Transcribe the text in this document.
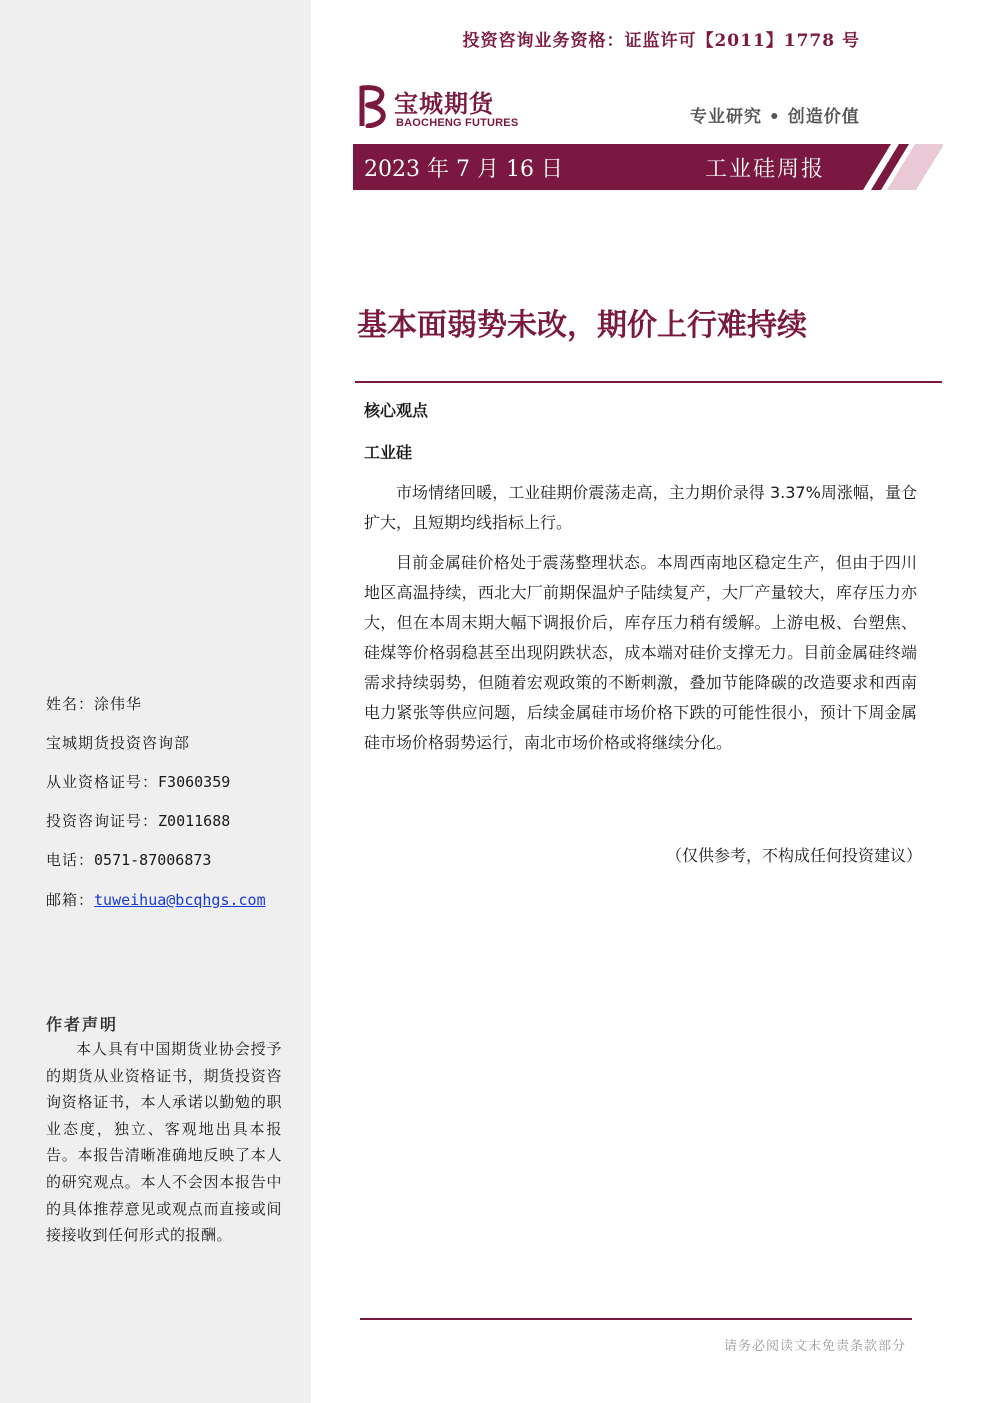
投资咨询业务资格：证监许可【2011】1778 号
宝城期货
BAOCHENG FUTURES	专业研究 • 创造价值
2023 年 7 月 16 日	工业硅周报
基本面弱势未改，期价上行难持续
核心观点
工业硅
市场情绪回暖，工业硅期价震荡走高，主力期价录得 3.37%周涨幅，量仓扩大，且短期均线指标上行。
目前金属硅价格处于震荡整理状态。本周西南地区稳定生产，但由于四川地区高温持续，西北大厂前期保温炉子陆续复产，大厂产量较大，库存压力亦大，但在本周末期大幅下调报价后，库存压力稍有缓解。上游电极、台塑焦、硅煤等价格弱稳甚至出现阴跌状态，成本端对硅价支撑无力。目前金属硅终端需求持续弱势，但随着宏观政策的不断刺激，叠加节能降碳的改造要求和西南电力紧张等供应问题，后续金属硅市场价格下跌的可能性很小，预计下周金属硅市场价格弱势运行，南北市场价格或将继续分化。
（仅供参考，不构成任何投资建议）
姓名：涂伟华
宝城期货投资咨询部
从业资格证号：F3060359
投资咨询证号：Z0011688
电话：0571-87006873
邮箱：tuweihua@bcqhgs.com
作者声明
本人具有中国期货业协会授予的期货从业资格证书，期货投资咨询资格证书，本人承诺以勤勉的职业态度，独立、客观地出具本报告。本报告清晰准确地反映了本人的研究观点。本人不会因本报告中的具体推荐意见或观点而直接或间接接收到任何形式的报酬。
请务必阅读文末免责条款部分
